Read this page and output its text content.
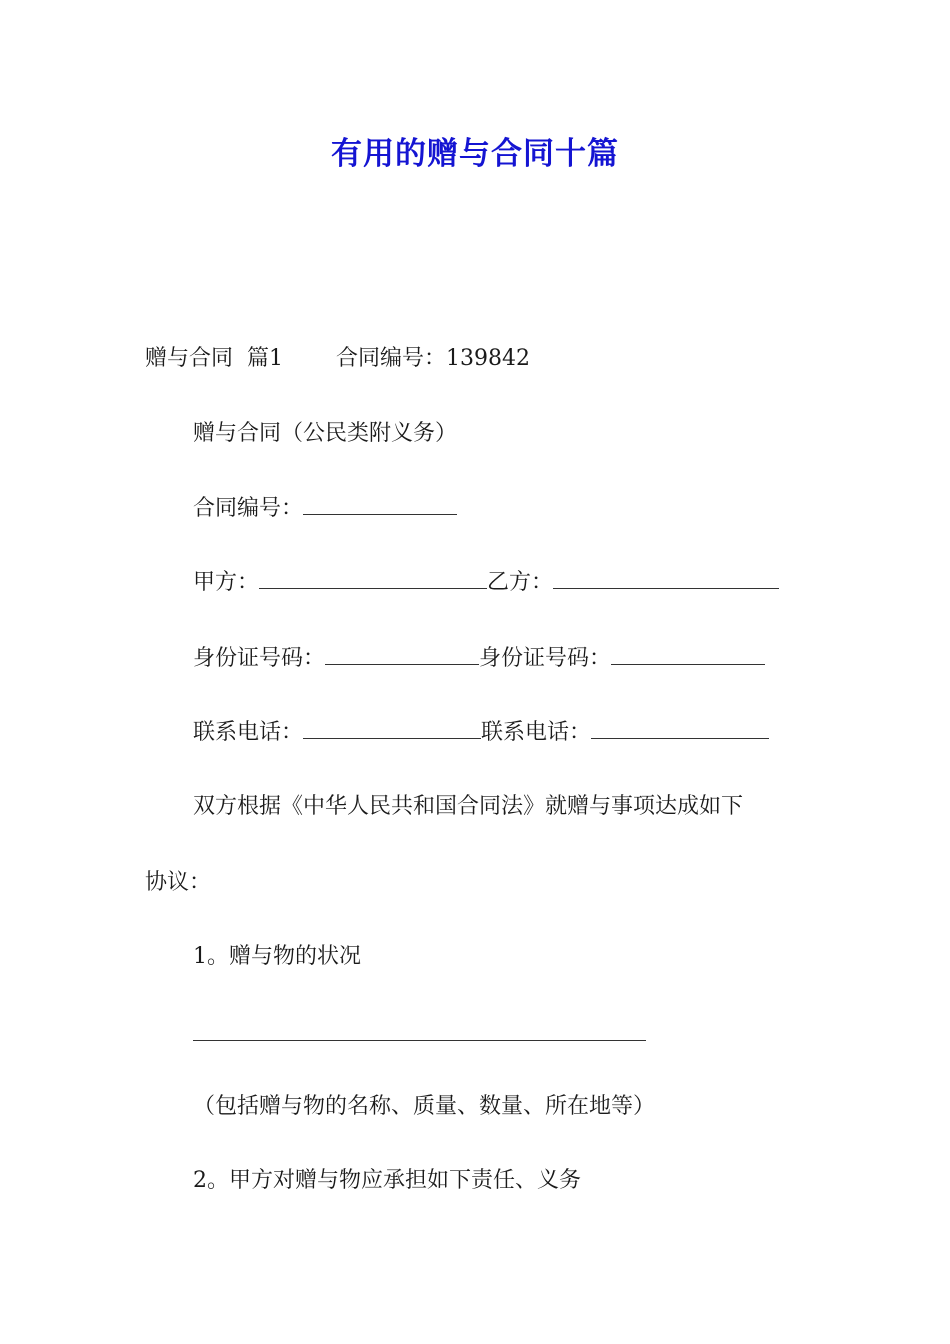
有用的赠与合同十篇
赠与合同  篇1 合同编号：139842
赠与合同（公民类附义务）
合同编号：
甲方：	乙方：
身份证号码：	身份证号码：
联系电话：	联系电话：
双方根据《中华人民共和国合同法》就赠与事项达成如下
协议：
1。赠与物的状况
（包括赠与物的名称、质量、数量、所在地等）
2。甲方对赠与物应承担如下责任、义务
